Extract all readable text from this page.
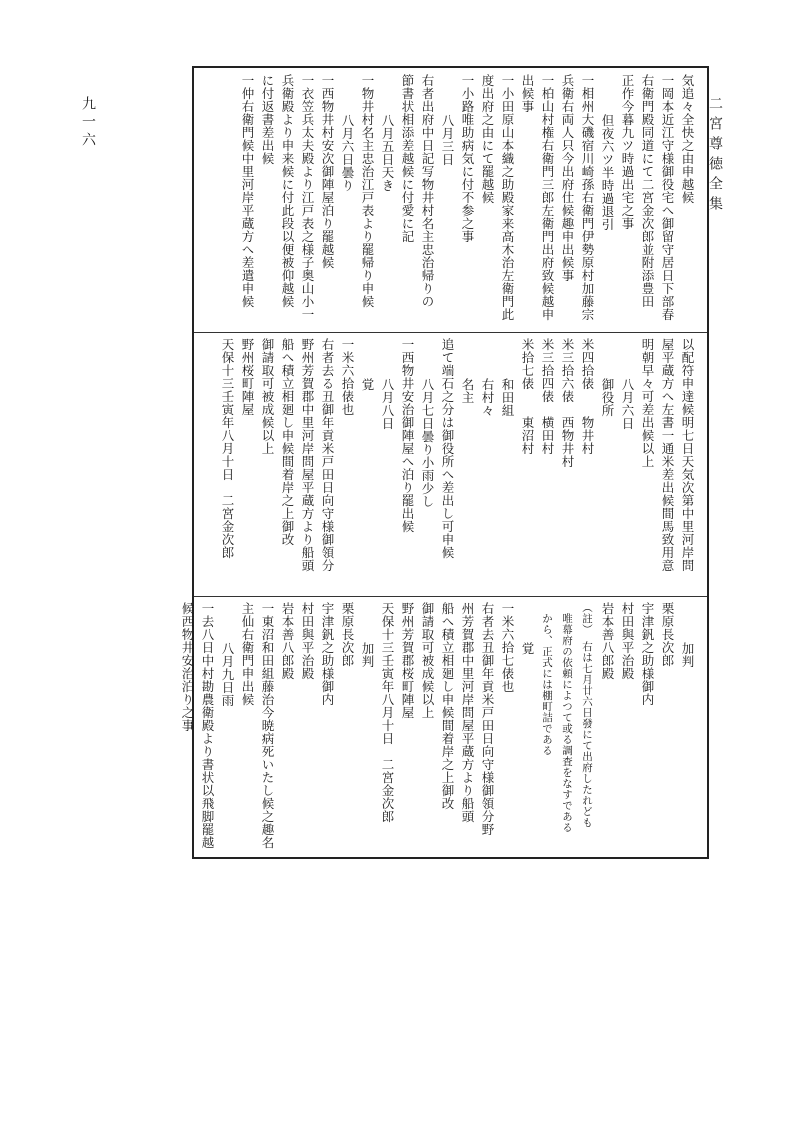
二宮尊徳全集
九一六	気追々全快之由申越候
一岡本近江守様御役宅へ御留守居日下部春
右衛門殿同道にて二宮金次郎並附添豊田
正作今暮九ツ時過出宅之事
但夜六ツ半時過退引
一相州大磯宿川崎孫右衛門伊勢原村加藤宗
兵衛右両人只今出府仕候趣申出候事
一柏山村権右衛門三郎左衛門出府致候越申
出候事
一小田原山本織之助殿家来高木治左衛門此
度出府之由にて罷越候
一小路唯助病気に付不参之事
八月三日
右者出府中日記写物井村名主忠治帰りの
節書状相添差越候に付愛に記
八月五日天き
一物井村名主忠治江戸表より罷帰り申候
八月六日曇り
一西物井村安次御陣屋泊り罷越候
一衣笠兵太夫殿より江戸表之様子奥山小一
兵衛殿より申来候に付此段以便被仰越候
に付返書差出候
一仲右衛門候中里河岸平蔵方へ差遣申候
以配符申達候明七日天気次第中里河岸問
屋平蔵方へ左書一通米差出候間馬致用意
明朝早々可差出候以上
八月六日
御役所
米四拾俵　　物井村
米三拾六俵　西物井村
米三拾四俵　横田村
米拾七俵　　東沼村
和田組
右村々
名主
追て端石之分は御役所へ差出し可申候
八月七日曇り小雨少し
一西物井安治御陣屋へ泊り罷出候
八月八日
覚
一米六拾俵也
右者去る丑御年貢米戸田日向守様御領分
野州芳賀郡中里河岸問屋平蔵方より船頭
船へ積立相廻し申候間着岸之上御改
御請取可被成候以上
野州桜町陣屋
天保十三壬寅年八月十日　二宮金次郎
加判
栗原長次郎
宇津釩之助様御内
村田與平治殿
岩本善八郎殿
（註）　右は七月廿六日發にて出府したれども
　唯幕府の依頼によつて或る調査をなすである
　から、正式には棚町詰である
覚
一米六拾七俵也
右者去丑御年貢米戸田日向守様御領分野
州芳賀郡中里河岸問屋平蔵方より船頭
船へ積立相廻し申候間着岸之上御改
御請取可被成候以上
野州芳賀郡桜町陣屋
天保十三壬寅年八月十日　二宮金次郎
加判
栗原長次郎
宇津釩之助様御内
村田與平治殿
岩本善八郎殿
一東沼和田組藤治今暁病死いたし候之趣名
主仙右衛門申出候
八月九日雨
一去八日中村勘農衛殿より書状以飛脚罷越
候西物井安治泊り之事
